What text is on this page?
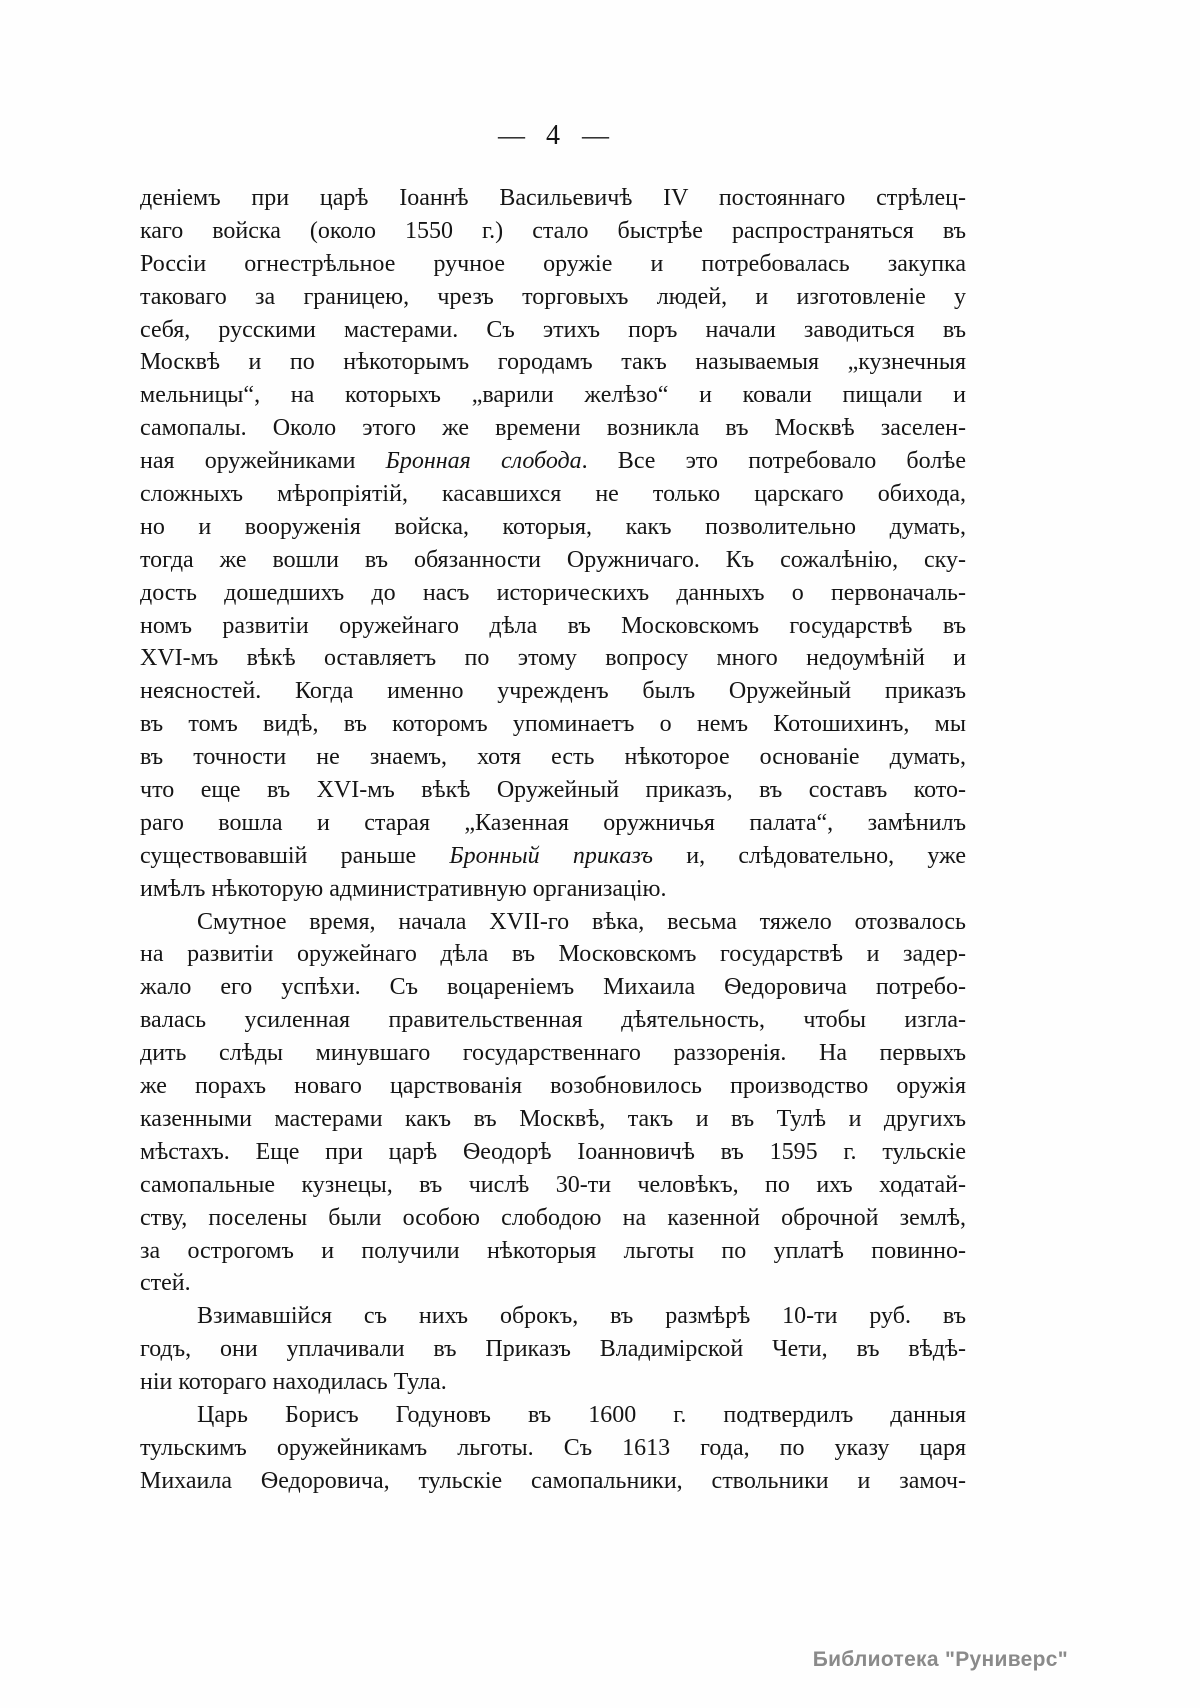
— 4 —
деніемъ при царѣ Іоаннѣ Васильевичѣ IV постояннаго стрѣлец-
каго войска (около 1550 г.) стало быстрѣе распространяться въ
Россіи огнестрѣльное ручное оружіе и потребовалась закупка
таковаго за границею, чрезъ торговыхъ людей, и изготовленіе у
себя, русскими мастерами. Съ этихъ поръ начали заводиться въ
Москвѣ и по нѣкоторымъ городамъ такъ называемыя „кузнечныя
мельницы“, на которыхъ „варили желѣзо“ и ковали пищали и
самопалы. Около этого же времени возникла въ Москвѣ заселен-
ная оружейниками Бронная слобода. Все это потребовало болѣе
сложныхъ мѣропріятій, касавшихся не только царскаго обихода,
но и вооруженія войска, которыя, какъ позволительно думать,
тогда же вошли въ обязанности Оружничаго. Къ сожалѣнію, ску-
дость дошедшихъ до насъ историческихъ данныхъ о первоначаль-
номъ развитіи оружейнаго дѣла въ Московскомъ государствѣ въ
XVI-мъ вѣкѣ оставляетъ по этому вопросу много недоумѣній и
неясностей. Когда именно учрежденъ былъ Оружейный приказъ
въ томъ видѣ, въ которомъ упоминаетъ о немъ Котошихинъ, мы
въ точности не знаемъ, хотя есть нѣкоторое основаніе думать,
что еще въ XVI-мъ вѣкѣ Оружейный приказъ, въ составъ кото-
раго вошла и старая „Казенная оружничья палата“, замѣнилъ
существовавшій раньше Бронный приказъ и, слѣдовательно, уже
имѣлъ нѣкоторую административную организацію.
Смутное время, начала XVII-го вѣка, весьма тяжело отозвалось
на развитіи оружейнаго дѣла въ Московскомъ государствѣ и задер-
жало его успѣхи. Съ воцареніемъ Михаила Ѳедоровича потребо-
валась усиленная правительственная дѣятельность, чтобы изгла-
дить слѣды минувшаго государственнаго раззоренія. На первыхъ
же порахъ новаго царствованія возобновилось производство оружія
казенными мастерами какъ въ Москвѣ, такъ и въ Тулѣ и другихъ
мѣстахъ. Еще при царѣ Ѳеодорѣ Іоанновичѣ въ 1595 г. тульскіе
самопальные кузнецы, въ числѣ 30-ти человѣкъ, по ихъ ходатай-
ству, поселены были особою слободою на казенной оброчной землѣ,
за острогомъ и получили нѣкоторыя льготы по уплатѣ повинно-
стей.
Взимавшійся съ нихъ оброкъ, въ размѣрѣ 10-ти руб. въ
годъ, они уплачивали въ Приказъ Владимірской Чети, въ вѣдѣ-
ніи котораго находилась Тула.
Царь Борисъ Годуновъ въ 1600 г. подтвердилъ данныя
тульскимъ оружейникамъ льготы. Съ 1613 года, по указу царя
Михаила Ѳедоровича, тульскіе самопальники, ствольники и замоч-
Библиотека "Руниверс"
